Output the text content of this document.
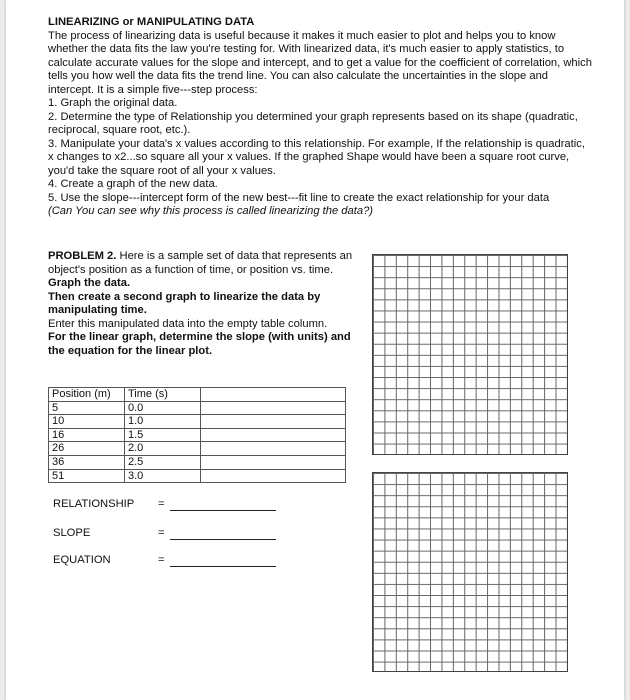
LINEARIZING or MANIPULATING DATA

The process of linearizing data is useful because it makes it much easier to plot and helps you to know whether the data fits the law you're testing for. With linearized data, it's much easier to apply statistics, to calculate accurate values for the slope and intercept, and to get a value for the coefficient of correlation, which tells you how well the data fits the trend line. You can also calculate the uncertainties in the slope and intercept. It is a simple five---step process:

1. Graph the original data.

2. Determine the type of Relationship you determined your graph represents based on its shape (quadratic, reciprocal, square root, etc.).

3. Manipulate your data's x values according to this relationship. For example, If the relationship is quadratic, x changes to x2...so square all your x values. If the graphed Shape would have been a square root curve, you'd take the square root of all your x values.

4. Create a graph of the new data.

5. Use the slope---intercept form of the new best---fit line to create the exact relationship for your data

(Can You can see why this process is called linearizing the data?)

PROBLEM 2. Here is a sample set of data that represents an object's position as a function of time, or position vs. time.

Graph the data.

Then create a second graph to linearize the data by manipulating time.

Enter this manipulated data into the empty table column.

For the linear graph, determine the slope (with units) and the equation for the linear plot.

Position (m)	Time (s)	
5	0.0	
10	1.0	
16	1.5	
26	2.0	
36	2.5	
51	3.0	
RELATIONSHIP =
SLOPE	=
EQUATION	=
